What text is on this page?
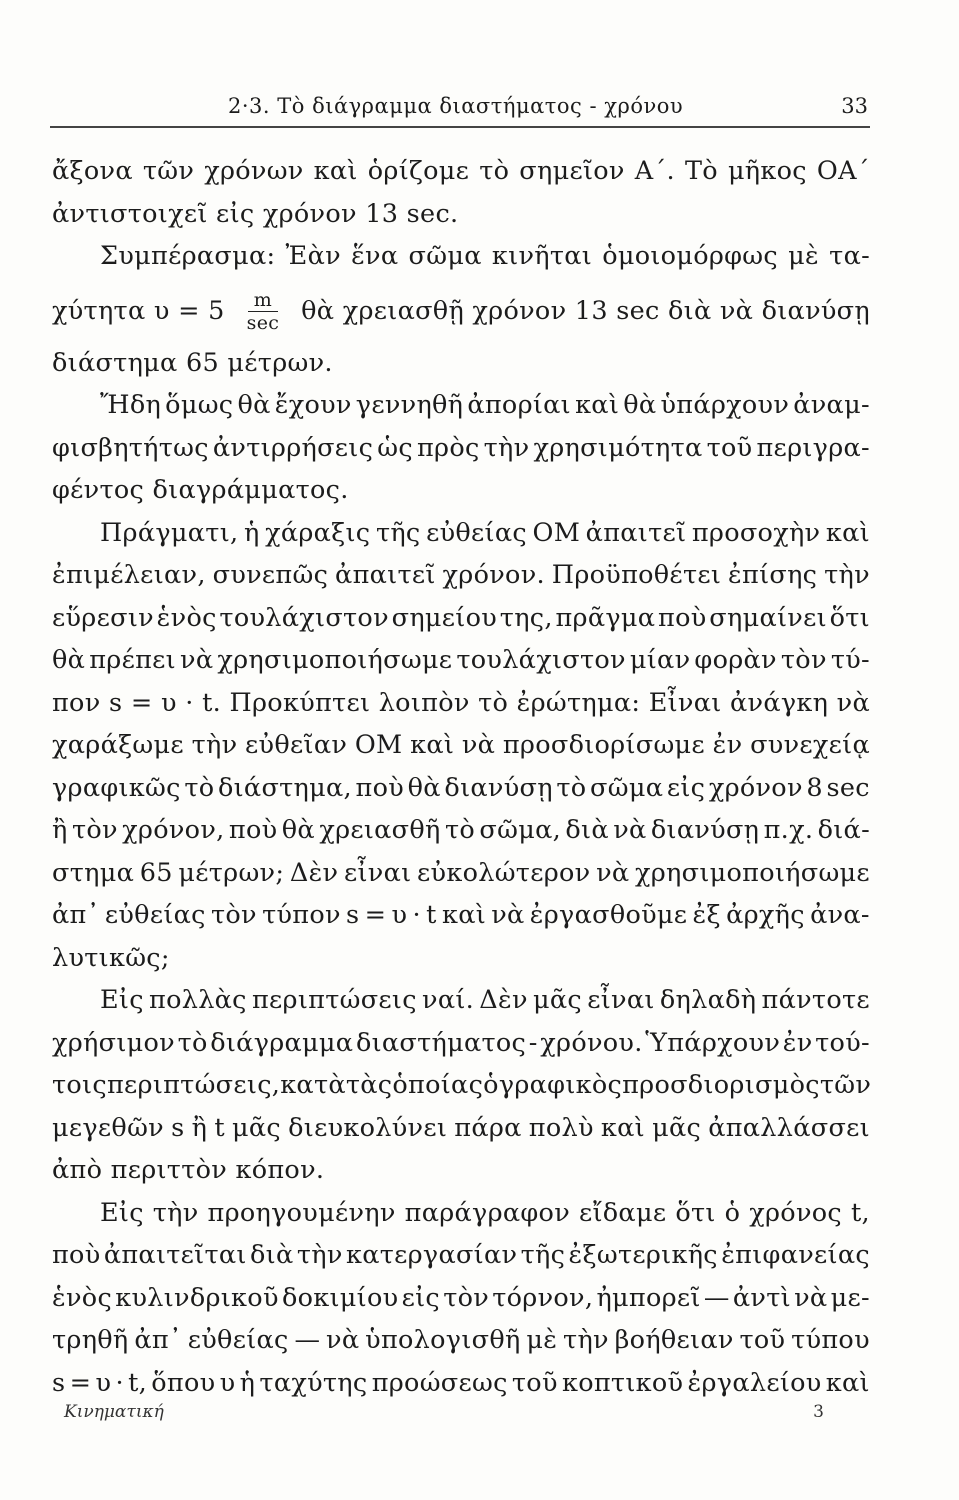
2·3. Τὸ διάγραμμα διαστήματος - χρόνου	33
ἄξονα τῶν χρόνων καὶ ὁρίζομε τὸ σημεῖον Α΄. Τὸ μῆκος ΟΑ΄
ἀντιστοιχεῖ εἰς χρόνον 13 sec.
Συμπέρασμα: Ἐὰν ἕνα σῶμα κινῆται ὁμοιομόρφως μὲ τα-
χύτητα $\upsilon = 5 \frac{m}{\sec}$ θὰ χρειασθῇ χρόνον 13 sec διὰ νὰ διανύσῃ
διάστημα 65 μέτρων.
Ἤδη ὅμως θὰ ἔχουν γεννηθῆ ἀπορίαι καὶ θὰ ὑπάρχουν ἀναμ-
φισβητήτως ἀντιρρήσεις ὡς πρὸς τὴν χρησιμότητα τοῦ περιγρα-
φέντος διαγράμματος.
Πράγματι, ἡ χάραξις τῆς εὐθείας ΟΜ ἀπαιτεῖ προσοχὴν καὶ
ἐπιμέλειαν, συνεπῶς ἀπαιτεῖ χρόνον. Προϋποθέτει ἐπίσης τὴν
εὕρεσιν ἑνὸς τουλάχιστον σημείου της, πρᾶγμα ποὺ σημαίνει ὅτι
θὰ πρέπει νὰ χρησιμοποιήσωμε τουλάχιστον μίαν φορὰν τὸν τύ-
πον s = υ · t. Προκύπτει λοιπὸν τὸ ἐρώτημα: Εἶναι ἀνάγκη νὰ
χαράξωμε τὴν εὐθεῖαν ΟΜ καὶ νὰ προσδιορίσωμε ἐν συνεχείᾳ
γραφικῶς τὸ διάστημα, ποὺ θὰ διανύσῃ τὸ σῶμα εἰς χρόνον 8 sec
ἢ τὸν χρόνον, ποὺ θὰ χρειασθῆ τὸ σῶμα, διὰ νὰ διανύσῃ π.χ. διά-
στημα 65 μέτρων; Δὲν εἶναι εὐκολώτερον νὰ χρησιμοποιήσωμε
ἀπ᾽ εὐθείας τὸν τύπον s = υ · t καὶ νὰ ἐργασθοῦμε ἐξ ἀρχῆς ἀνα-
λυτικῶς;
Εἰς πολλὰς περιπτώσεις ναί. Δὲν μᾶς εἶναι δηλαδὴ πάντοτε
χρήσιμον τὸ διάγραμμα διαστήματος - χρόνου. Ὑπάρχουν ἐν τού-
τοις περιπτώσεις, κατὰ τὰς ὁποίας ὁ γραφικὸς προσδιορισμὸς τῶν
μεγεθῶν s ἢ t μᾶς διευκολύνει πάρα πολὺ καὶ μᾶς ἀπαλλάσσει
ἀπὸ περιττὸν κόπον.
Εἰς τὴν προηγουμένην παράγραφον εἴδαμε ὅτι ὁ χρόνος t,
ποὺ ἀπαιτεῖται διὰ τὴν κατεργασίαν τῆς ἐξωτερικῆς ἐπιφανείας
ἑνὸς κυλινδρικοῦ δοκιμίου εἰς τὸν τόρνον, ἠμπορεῖ — ἀντὶ νὰ με-
τρηθῆ ἀπ᾽ εὐθείας — νὰ ὑπολογισθῆ μὲ τὴν βοήθειαν τοῦ τύπου
s = υ · t, ὅπου υ ἡ ταχύτης προώσεως τοῦ κοπτικοῦ ἐργαλείου καὶ
Κινηματική	3
